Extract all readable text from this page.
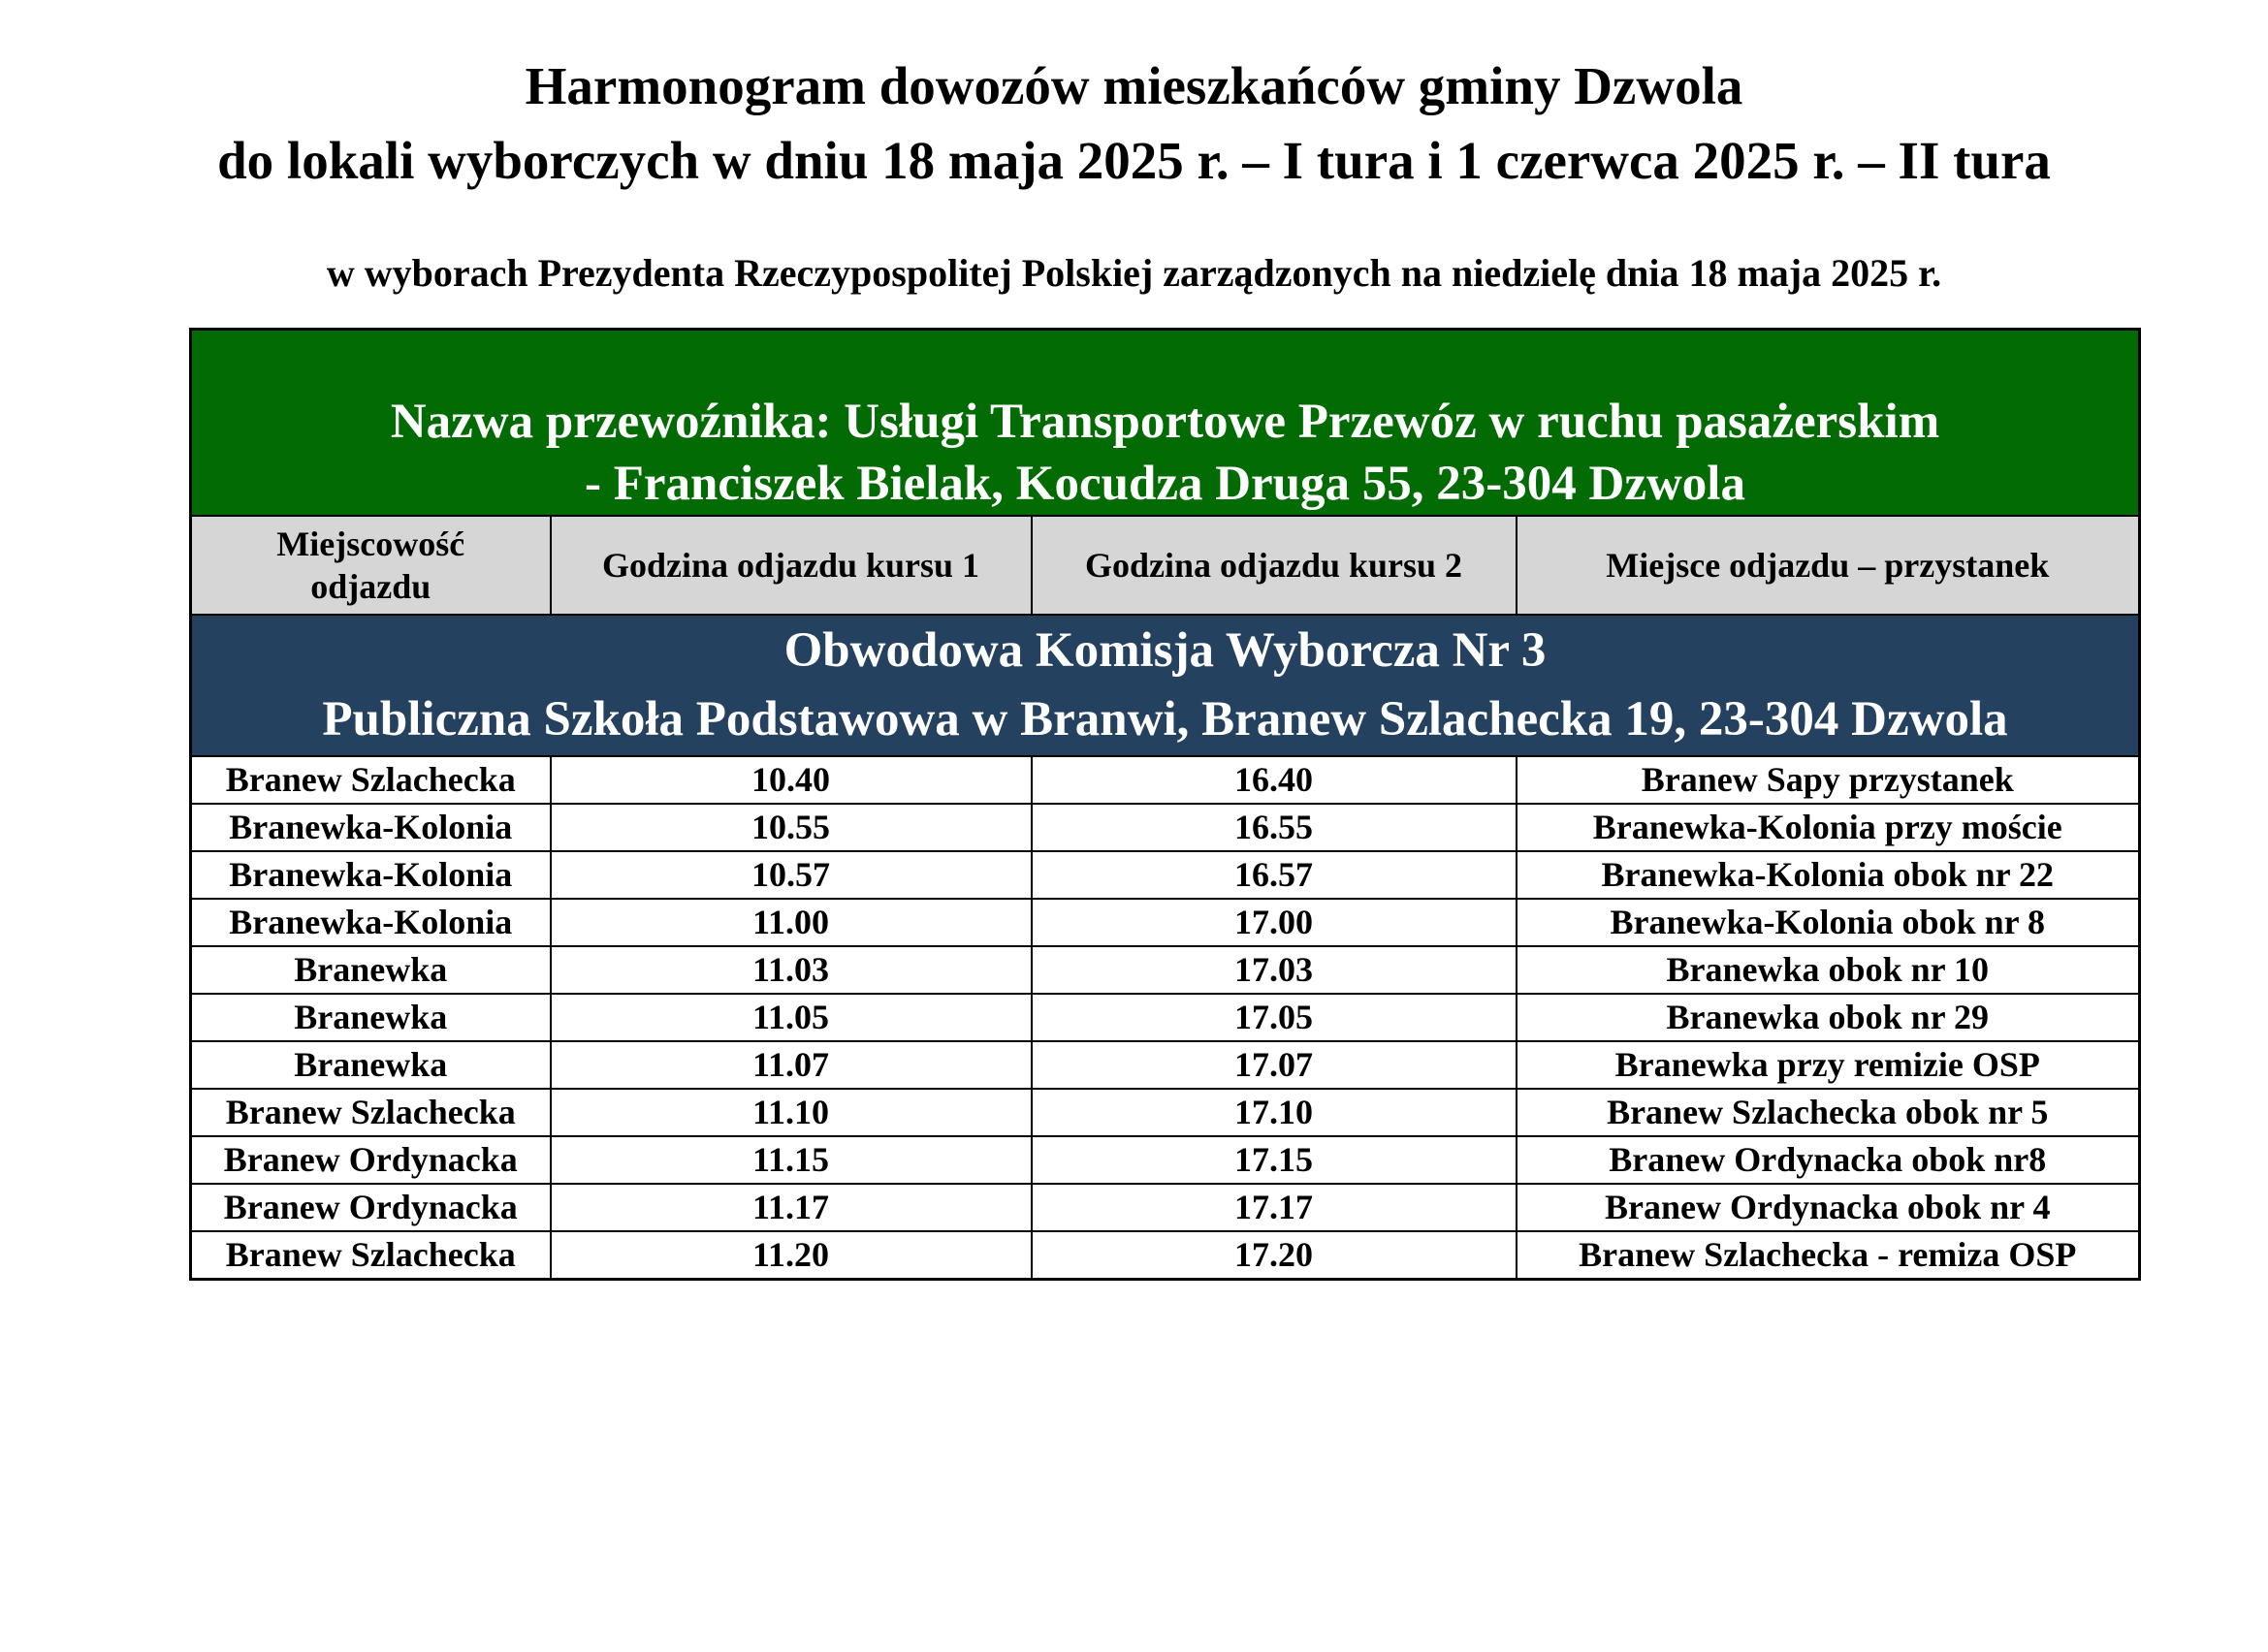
Harmonogram dowozów mieszkańców gminy Dzwola
do lokali wyborczych w dniu 18 maja 2025 r. – I tura i 1 czerwca 2025 r. – II tura
w wyborach Prezydenta Rzeczypospolitej Polskiej zarządzonych na niedzielę dnia 18 maja 2025 r.
Nazwa przewoźnika: Usługi Transportowe Przewóz w ruchu pasażerskim
- Franciszek Bielak, Kocudza Druga 55, 23-304 Dzwola			

Miejscowość odjazdu	Godzina odjazdu kursu 1	Godzina odjazdu kursu 2	Miejsce odjazdu – przystanek

Obwodowa Komisja Wyborcza Nr 3
Publiczna Szkoła Podstawowa w Branwi, Branew Szlachecka 19, 23-304 Dzwola			

Branew Szlachecka	10.40	16.40	Branew Sapy przystanek
Branewka-Kolonia	10.55	16.55	Branewka-Kolonia przy moście
Branewka-Kolonia	10.57	16.57	Branewka-Kolonia obok nr 22
Branewka-Kolonia	11.00	17.00	Branewka-Kolonia obok nr 8
Branewka	11.03	17.03	Branewka obok nr 10
Branewka	11.05	17.05	Branewka obok nr 29
Branewka	11.07	17.07	Branewka przy remizie OSP
Branew Szlachecka	11.10	17.10	Branew Szlachecka obok nr 5
Branew Ordynacka	11.15	17.15	Branew Ordynacka obok nr8
Branew Ordynacka	11.17	17.17	Branew Ordynacka obok nr 4
Branew Szlachecka	11.20	17.20	Branew Szlachecka - remiza OSP
